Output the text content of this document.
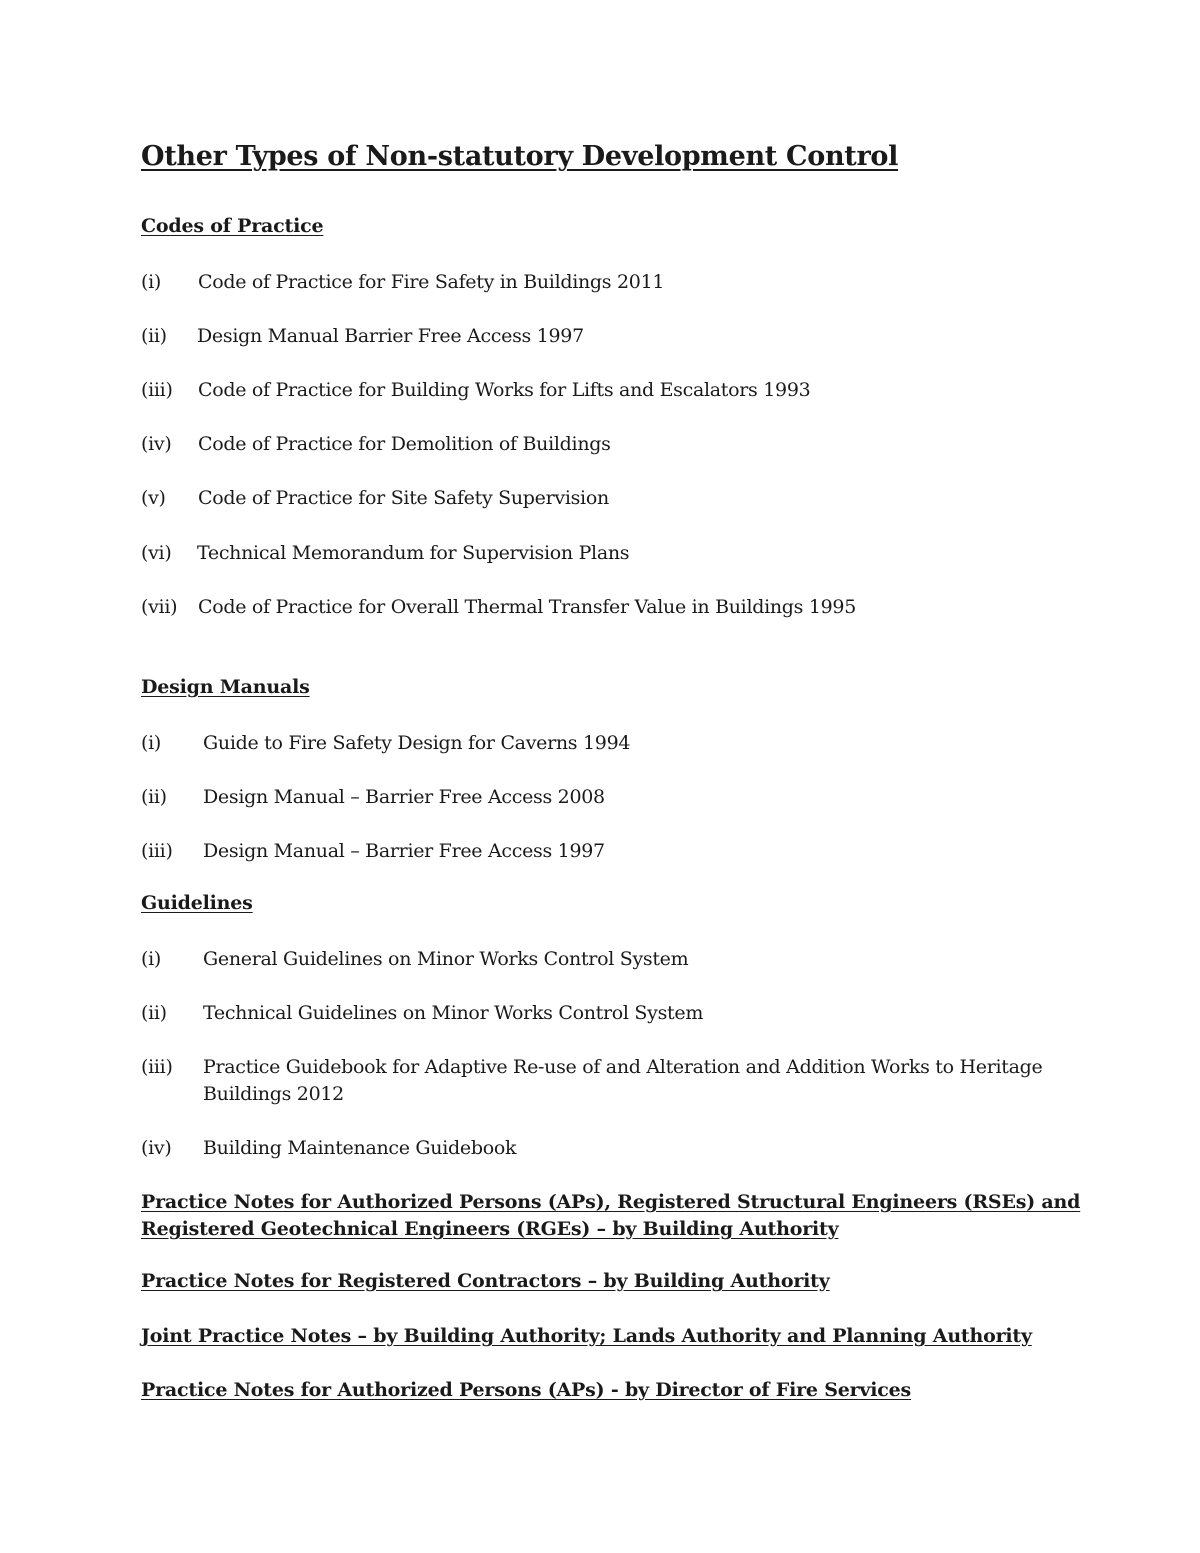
Other Types of Non-statutory Development Control
Codes of Practice
(i) Code of Practice for Fire Safety in Buildings 2011
(ii) Design Manual Barrier Free Access 1997
(iii) Code of Practice for Building Works for Lifts and Escalators 1993
(iv) Code of Practice for Demolition of Buildings
(v) Code of Practice for Site Safety Supervision
(vi) Technical Memorandum for Supervision Plans
(vii) Code of Practice for Overall Thermal Transfer Value in Buildings 1995
Design Manuals
(i) Guide to Fire Safety Design for Caverns 1994
(ii) Design Manual – Barrier Free Access 2008
(iii) Design Manual – Barrier Free Access 1997
Guidelines
(i) General Guidelines on Minor Works Control System
(ii) Technical Guidelines on Minor Works Control System
(iii) Practice Guidebook for Adaptive Re-use of and Alteration and Addition Works to Heritage Buildings 2012
(iv) Building Maintenance Guidebook
Practice Notes for Authorized Persons (APs), Registered Structural Engineers (RSEs) and Registered Geotechnical Engineers (RGEs) – by Building Authority
Practice Notes for Registered Contractors – by Building Authority
Joint Practice Notes – by Building Authority; Lands Authority and Planning Authority
Practice Notes for Authorized Persons (APs) - by Director of Fire Services
